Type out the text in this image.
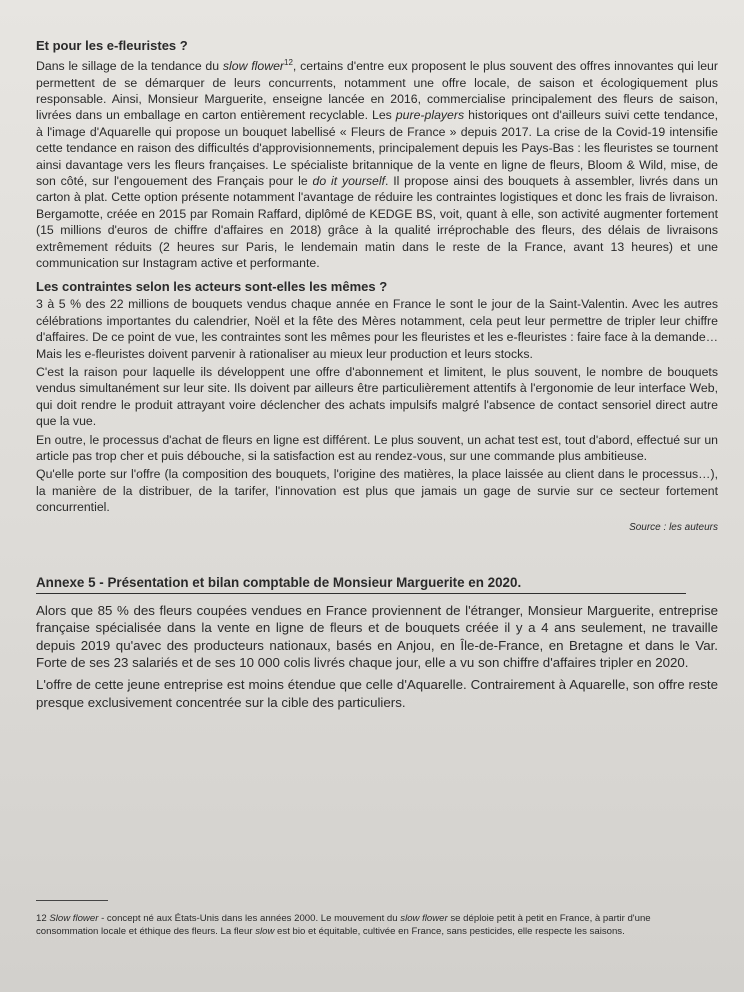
Et pour les e-fleuristes ?

Dans le sillage de la tendance du slow flower$^{12}$, certains d'entre eux proposent le plus souvent des offres innovantes qui leur permettent de se démarquer de leurs concurrents, notamment une offre locale, de saison et écologiquement plus responsable. Ainsi, Monsieur Marguerite, enseigne lancée en 2016, commercialise principalement des fleurs de saison, livrées dans un emballage en carton entièrement recyclable. Les pure-players historiques ont d'ailleurs suivi cette tendance, à l'image d'Aquarelle qui propose un bouquet labellisé « Fleurs de France » depuis 2017. La crise de la Covid-19 intensifie cette tendance en raison des difficultés d'approvisionnements, principalement depuis les Pays-Bas : les fleuristes se tournent ainsi davantage vers les fleurs françaises. Le spécialiste britannique de la vente en ligne de fleurs, Bloom & Wild, mise, de son côté, sur l'engouement des Français pour le do it yourself. Il propose ainsi des bouquets à assembler, livrés dans un carton à plat. Cette option présente notamment l'avantage de réduire les contraintes logistiques et donc les frais de livraison. Bergamotte, créée en 2015 par Romain Raffard, diplômé de KEDGE BS, voit, quant à elle, son activité augmenter fortement (15 millions d'euros de chiffre d'affaires en 2018) grâce à la qualité irréprochable des fleurs, des délais de livraisons extrêmement réduits (2 heures sur Paris, le lendemain matin dans le reste de la France, avant 13 heures) et une communication sur Instagram active et performante.

Les contraintes selon les acteurs sont-elles les mêmes ?

3 à 5 % des 22 millions de bouquets vendus chaque année en France le sont le jour de la Saint-Valentin. Avec les autres célébrations importantes du calendrier, Noël et la fête des Mères notamment, cela peut leur permettre de tripler leur chiffre d'affaires. De ce point de vue, les contraintes sont les mêmes pour les fleuristes et les e-fleuristes : faire face à la demande… Mais les e-fleuristes doivent parvenir à rationaliser au mieux leur production et leurs stocks.

C'est la raison pour laquelle ils développent une offre d'abonnement et limitent, le plus souvent, le nombre de bouquets vendus simultanément sur leur site. Ils doivent par ailleurs être particulièrement attentifs à l'ergonomie de leur interface Web, qui doit rendre le produit attrayant voire déclencher des achats impulsifs malgré l'absence de contact sensoriel direct autre que la vue.

En outre, le processus d'achat de fleurs en ligne est différent. Le plus souvent, un achat test est, tout d'abord, effectué sur un article pas trop cher et puis débouche, si la satisfaction est au rendez-vous, sur une commande plus ambitieuse.

Qu'elle porte sur l'offre (la composition des bouquets, l'origine des matières, la place laissée au client dans le processus…), la manière de la distribuer, de la tarifer, l'innovation est plus que jamais un gage de survie sur ce secteur fortement concurrentiel.

Source : les auteurs
Annexe 5 - Présentation et bilan comptable de Monsieur Marguerite en 2020.

Alors que 85 % des fleurs coupées vendues en France proviennent de l'étranger, Monsieur Marguerite, entreprise française spécialisée dans la vente en ligne de fleurs et de bouquets créée il y a 4 ans seulement, ne travaille depuis 2019 qu'avec des producteurs nationaux, basés en Anjou, en Île-de-France, en Bretagne et dans le Var. Forte de ses 23 salariés et de ses 10 000 colis livrés chaque jour, elle a vu son chiffre d'affaires tripler en 2020.

L'offre de cette jeune entreprise est moins étendue que celle d'Aquarelle. Contrairement à Aquarelle, son offre reste presque exclusivement concentrée sur la cible des particuliers.

12 Slow flower - concept né aux États-Unis dans les années 2000. Le mouvement du slow flower se déploie petit à petit en France, à partir d'une consommation locale et éthique des fleurs. La fleur slow est bio et équitable, cultivée en France, sans pesticides, elle respecte les saisons.
